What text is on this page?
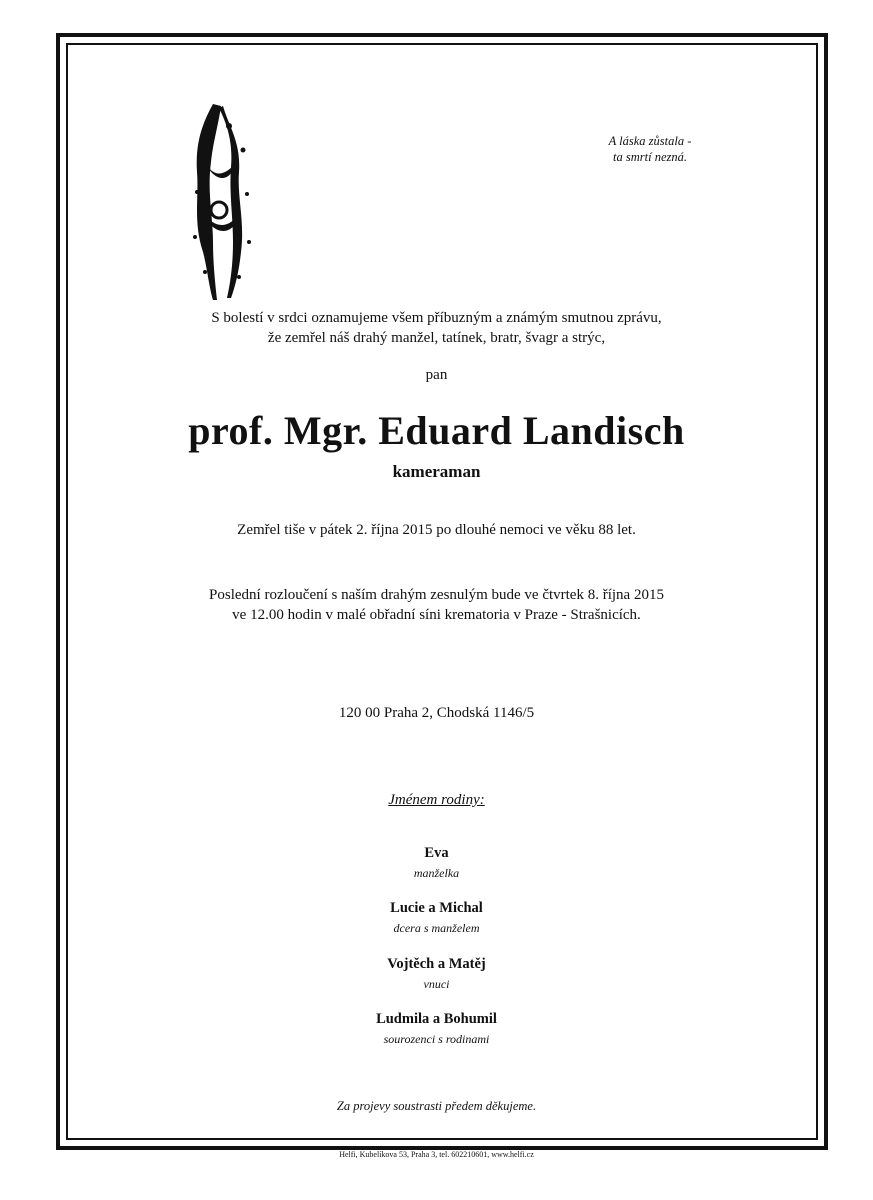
A láska zůstala -
ta smrtí nezná.
S bolestí v srdci oznamujeme všem příbuzným a známým smutnou zprávu,
že zemřel náš drahý manžel, tatínek, bratr, švagr a strýc,
pan
prof. Mgr. Eduard Landisch
kameraman
Zemřel tiše v pátek 2. října 2015 po dlouhé nemoci ve věku 88 let.
Poslední rozloučení s naším drahým zesnulým bude ve čtvrtek 8. října 2015
ve 12.00 hodin v malé obřadní síni krematoria v Praze - Strašnicích.
120 00 Praha 2, Chodská 1146/5
Jménem rodiny:
Eva
manželka
Lucie a Michal
dcera s manželem
Vojtěch a Matěj
vnuci
Ludmila a Bohumil
sourozenci s rodinami
Za projevy soustrasti předem děkujeme.
Helfi, Kubelíkova 53, Praha 3, tel. 602210601, www.helfi.cz
